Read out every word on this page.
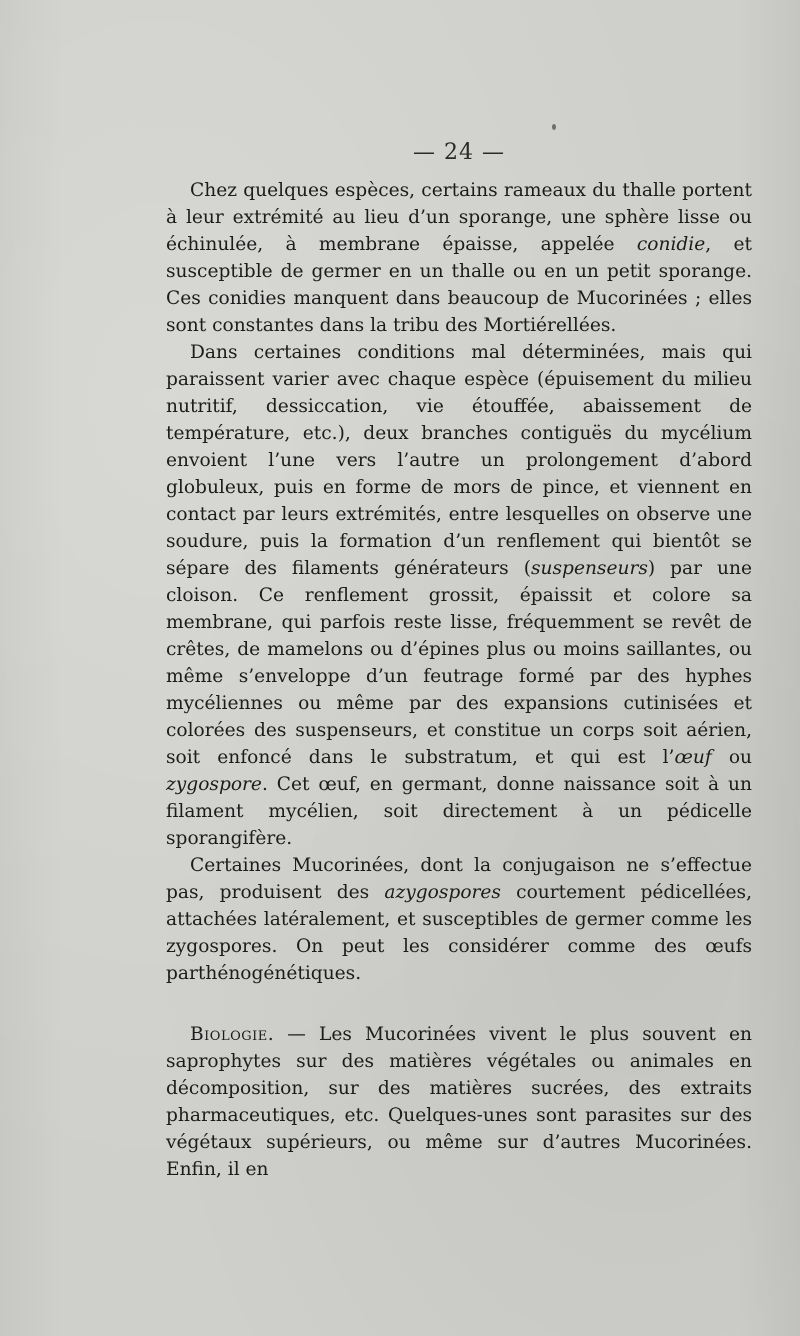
— 24 —

Chez quelques espèces, certains rameaux du thalle portent à leur extrémité au lieu d’un sporange, une sphère lisse ou échinulée, à membrane épaisse, appelée conidie, et susceptible de germer en un thalle ou en un petit sporange. Ces conidies manquent dans beaucoup de Mucorinées ; elles sont constantes dans la tribu des Mortiérellées.

Dans certaines conditions mal déterminées, mais qui paraissent varier avec chaque espèce (épuisement du milieu nutritif, dessiccation, vie étouffée, abaissement de température, etc.), deux branches contiguës du mycélium envoient l’une vers l’autre un prolongement d’abord globuleux, puis en forme de mors de pince, et viennent en contact par leurs extrémités, entre lesquelles on observe une soudure, puis la formation d’un renflement qui bientôt se sépare des filaments générateurs (suspenseurs) par une cloison. Ce renflement grossit, épaissit et colore sa membrane, qui parfois reste lisse, fréquemment se revêt de crêtes, de mamelons ou d’épines plus ou moins saillantes, ou même s’enveloppe d’un feutrage formé par des hyphes mycéliennes ou même par des expansions cutinisées et colorées des suspenseurs, et constitue un corps soit aérien, soit enfoncé dans le substratum, et qui est l’œuf ou zygospore. Cet œuf, en germant, donne naissance soit à un filament mycélien, soit directement à un pédicelle sporangifère.

Certaines Mucorinées, dont la conjugaison ne s’effectue pas, produisent des azygospores courtement pédicellées, attachées latéralement, et susceptibles de germer comme les zygospores. On peut les considérer comme des œufs parthénogénétiques.

Biologie. — Les Mucorinées vivent le plus souvent en saprophytes sur des matières végétales ou animales en décomposition, sur des matières sucrées, des extraits pharmaceutiques, etc. Quelques-unes sont parasites sur des végétaux supérieurs, ou même sur d’autres Mucorinées. Enfin, il en
